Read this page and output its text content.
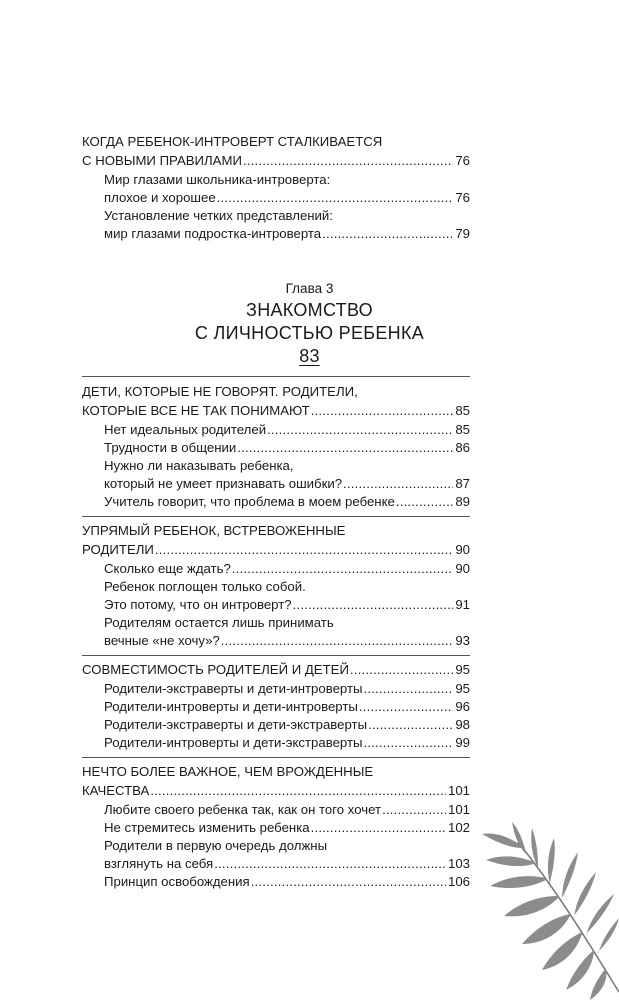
КОГДА РЕБЕНОК-ИНТРОВЕРТ СТАЛКИВАЕТСЯ
С НОВЫМИ ПРАВИЛАМИ .....	76
Мир глазами школьника-интроверта:
плохое и хорошее .....	76
Установление четких представлений:
мир глазами подростка-интроверта .....	79
Глава 3
ЗНАКОМСТВО
С ЛИЧНОСТЬЮ РЕБЕНКА
83
ДЕТИ, КОТОРЫЕ НЕ ГОВОРЯТ. РОДИТЕЛИ,
КОТОРЫЕ ВСЕ НЕ ТАК ПОНИМАЮТ .....	85
Нет идеальных родителей .....	85
Трудности в общении .....	86
Нужно ли наказывать ребенка,
который не умеет признавать ошибки? .....	87
Учитель говорит, что проблема в моем ребенке .....	89
УПРЯМЫЙ РЕБЕНОК, ВСТРЕВОЖЕННЫЕ
РОДИТЕЛИ .....	90
Сколько еще ждать? .....	90
Ребенок поглощен только собой.
Это потому, что он интроверт? .....	91
Родителям остается лишь принимать
вечные «не хочу»? .....	93
СОВМЕСТИМОСТЬ РОДИТЕЛЕЙ И ДЕТЕЙ .....	95
Родители-экстраверты и дети-интроверты .....	95
Родители-интроверты и дети-интроверты .....	96
Родители-экстраверты и дети-экстраверты .....	98
Родители-интроверты и дети-экстраверты .....	99
НЕЧТО БОЛЕЕ ВАЖНОЕ, ЧЕМ ВРОЖДЕННЫЕ
КАЧЕСТВА .....	101
Любите своего ребенка так, как он того хочет .....	101
Не стремитесь изменить ребенка .....	102
Родители в первую очередь должны
взглянуть на себя .....	103
Принцип освобождения .....	106
